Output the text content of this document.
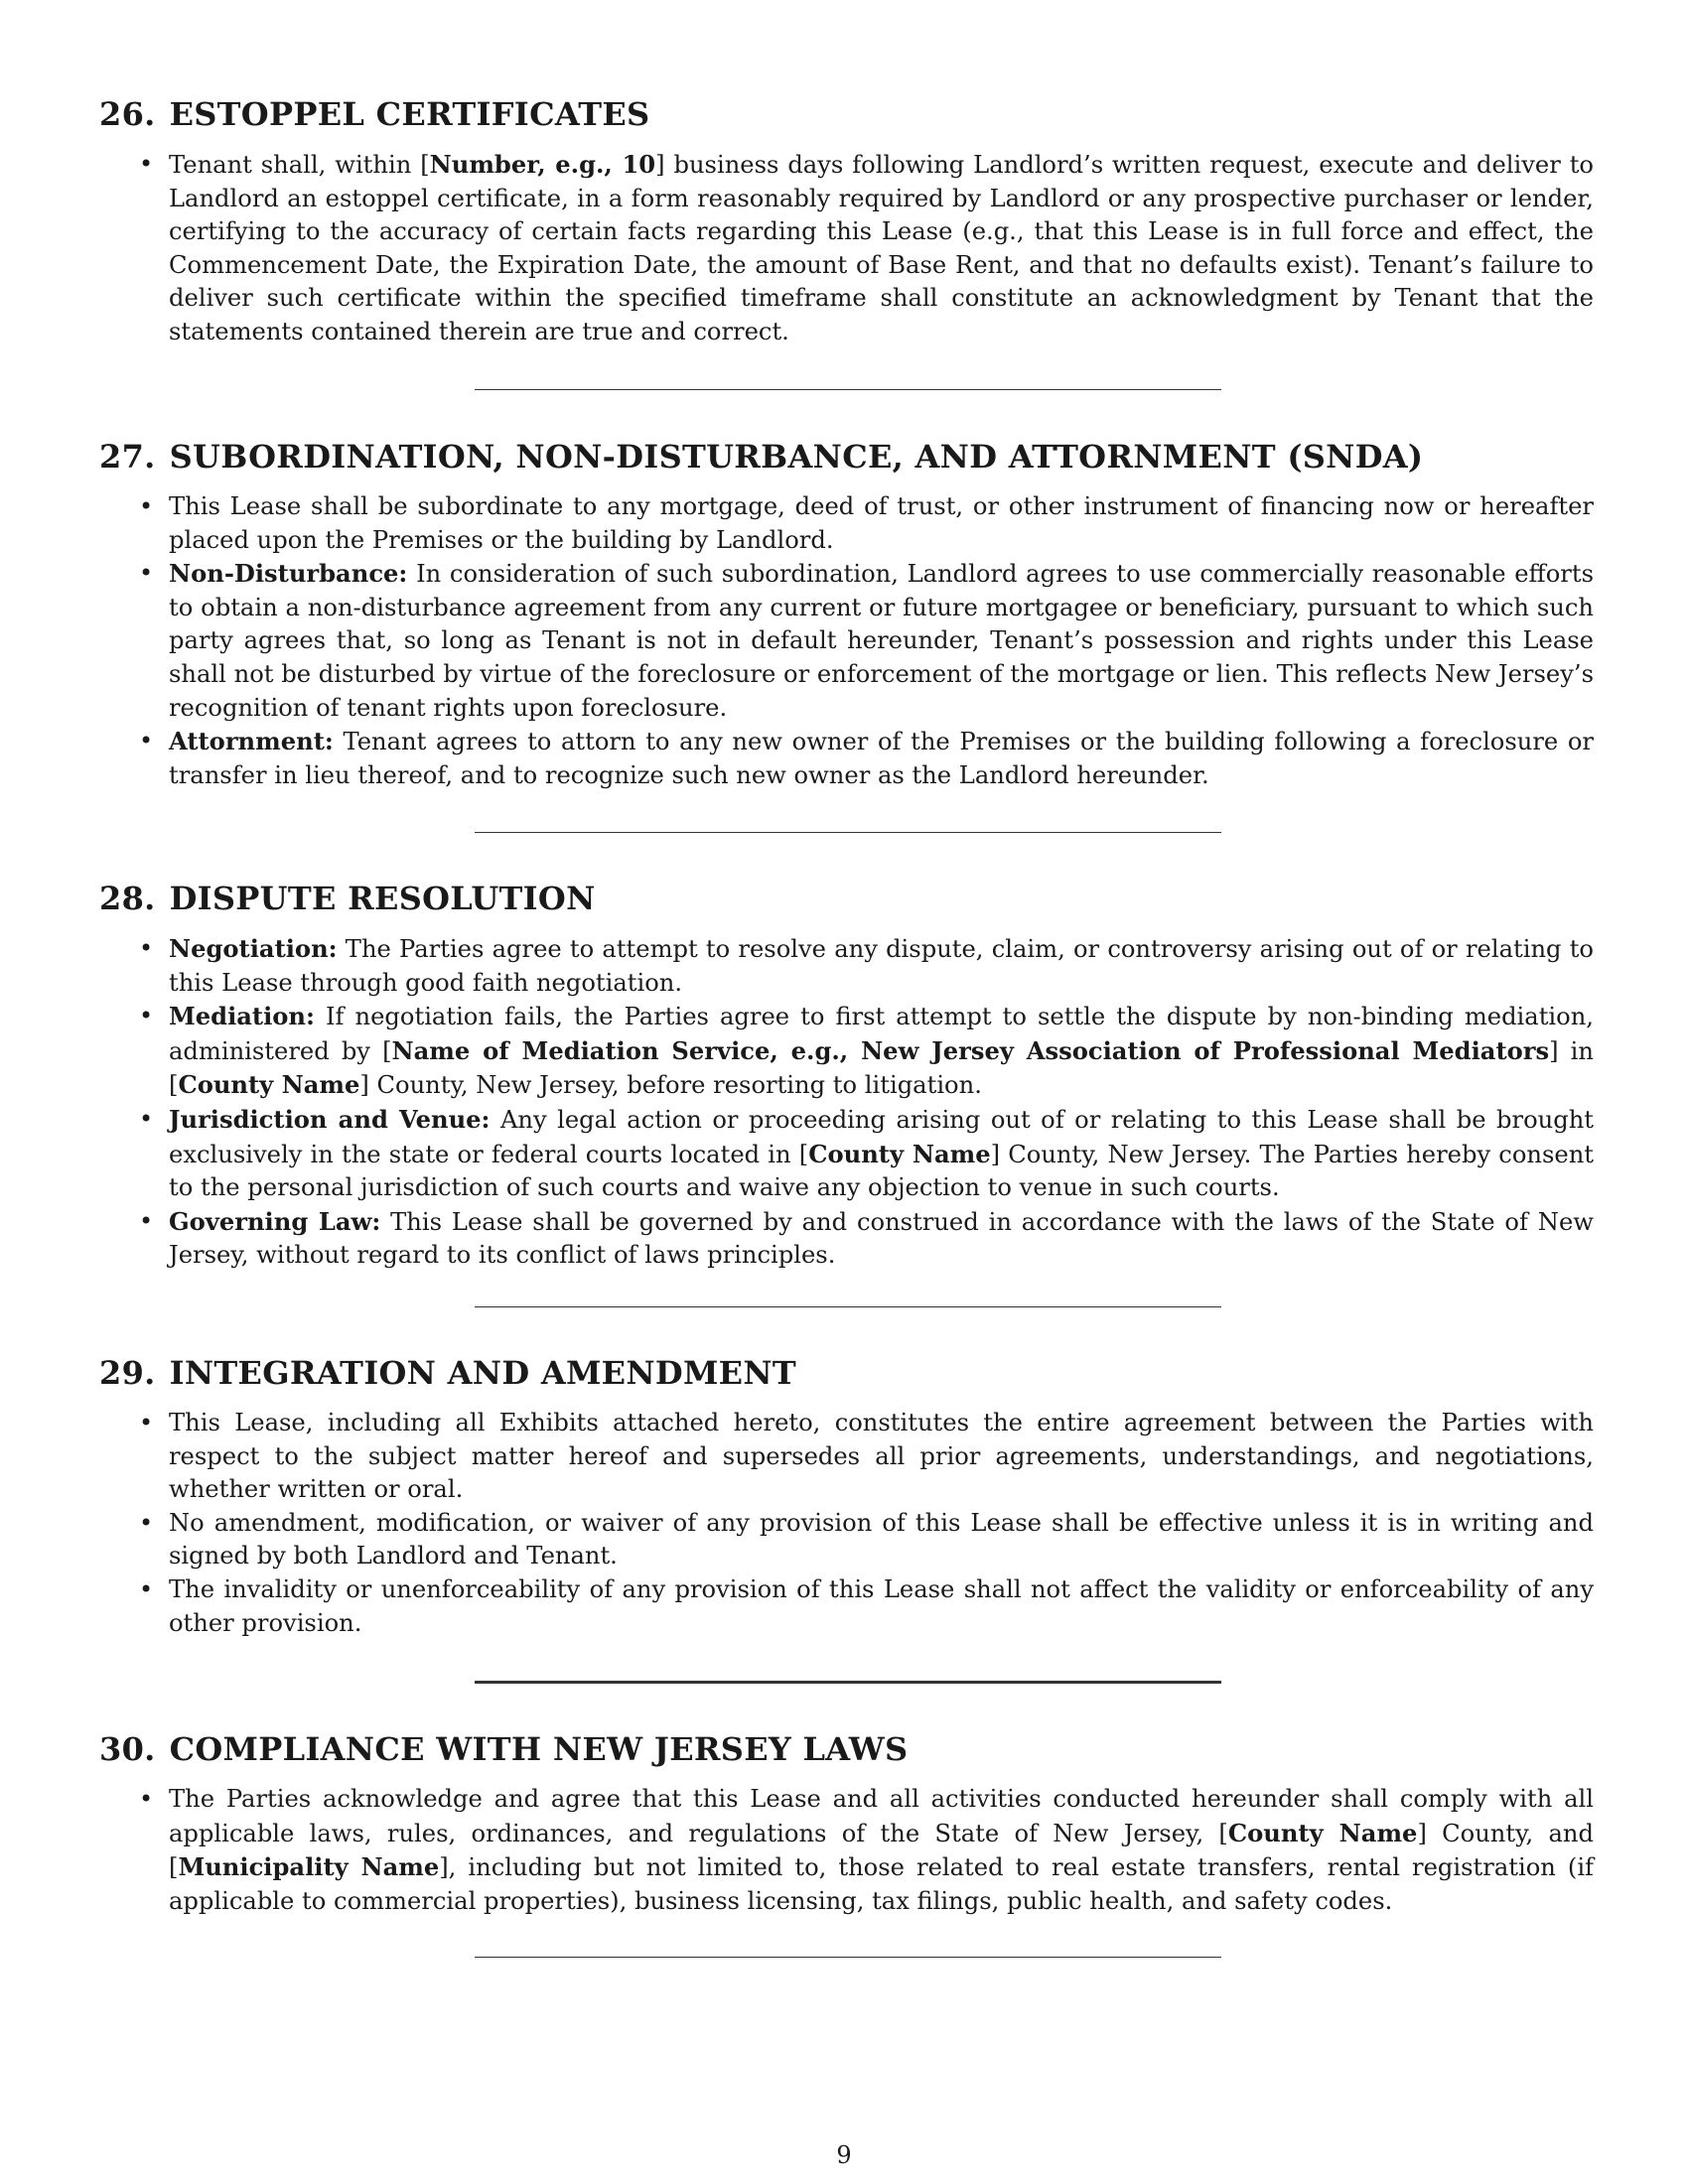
26. ESTOPPEL CERTIFICATES
• Tenant shall, within [Number, e.g., 10] business days following Landlord’s written request, execute and deliver to Landlord an estoppel certificate, in a form reasonably required by Landlord or any prospective purchaser or lender, certifying to the accuracy of certain facts regarding this Lease (e.g., that this Lease is in full force and effect, the Commencement Date, the Expiration Date, the amount of Base Rent, and that no defaults exist). Tenant’s failure to deliver such certificate within the specified timeframe shall constitute an acknowledgment by Tenant that the statements contained therein are true and correct.
27. SUBORDINATION, NON-DISTURBANCE, AND ATTORNMENT (SNDA)
• This Lease shall be subordinate to any mortgage, deed of trust, or other instrument of financing now or hereafter placed upon the Premises or the building by Landlord.
• Non-Disturbance: In consideration of such subordination, Landlord agrees to use commercially reasonable efforts to obtain a non-disturbance agreement from any current or future mortgagee or beneficiary, pursuant to which such party agrees that, so long as Tenant is not in default hereunder, Tenant’s possession and rights under this Lease shall not be disturbed by virtue of the foreclosure or enforcement of the mortgage or lien. This reflects New Jersey’s recognition of tenant rights upon foreclosure.
• Attornment: Tenant agrees to attorn to any new owner of the Premises or the building following a foreclosure or transfer in lieu thereof, and to recognize such new owner as the Landlord hereunder.
28. DISPUTE RESOLUTION
• Negotiation: The Parties agree to attempt to resolve any dispute, claim, or controversy arising out of or relating to this Lease through good faith negotiation.
• Mediation: If negotiation fails, the Parties agree to first attempt to settle the dispute by non-binding mediation, administered by [Name of Mediation Service, e.g., New Jersey Association of Professional Mediators] in [County Name] County, New Jersey, before resorting to litigation.
• Jurisdiction and Venue: Any legal action or proceeding arising out of or relating to this Lease shall be brought exclusively in the state or federal courts located in [County Name] County, New Jersey. The Parties hereby consent to the personal jurisdiction of such courts and waive any objection to venue in such courts.
• Governing Law: This Lease shall be governed by and construed in accordance with the laws of the State of New Jersey, without regard to its conflict of laws principles.
29. INTEGRATION AND AMENDMENT
• This Lease, including all Exhibits attached hereto, constitutes the entire agreement between the Parties with respect to the subject matter hereof and supersedes all prior agreements, understandings, and negotiations, whether written or oral.
• No amendment, modification, or waiver of any provision of this Lease shall be effective unless it is in writing and signed by both Landlord and Tenant.
• The invalidity or unenforceability of any provision of this Lease shall not affect the validity or enforceability of any other provision.
30. COMPLIANCE WITH NEW JERSEY LAWS
• The Parties acknowledge and agree that this Lease and all activities conducted hereunder shall comply with all applicable laws, rules, ordinances, and regulations of the State of New Jersey, [County Name] County, and [Municipality Name], including but not limited to, those related to real estate transfers, rental registration (if applicable to commercial properties), business licensing, tax filings, public health, and safety codes.
9
